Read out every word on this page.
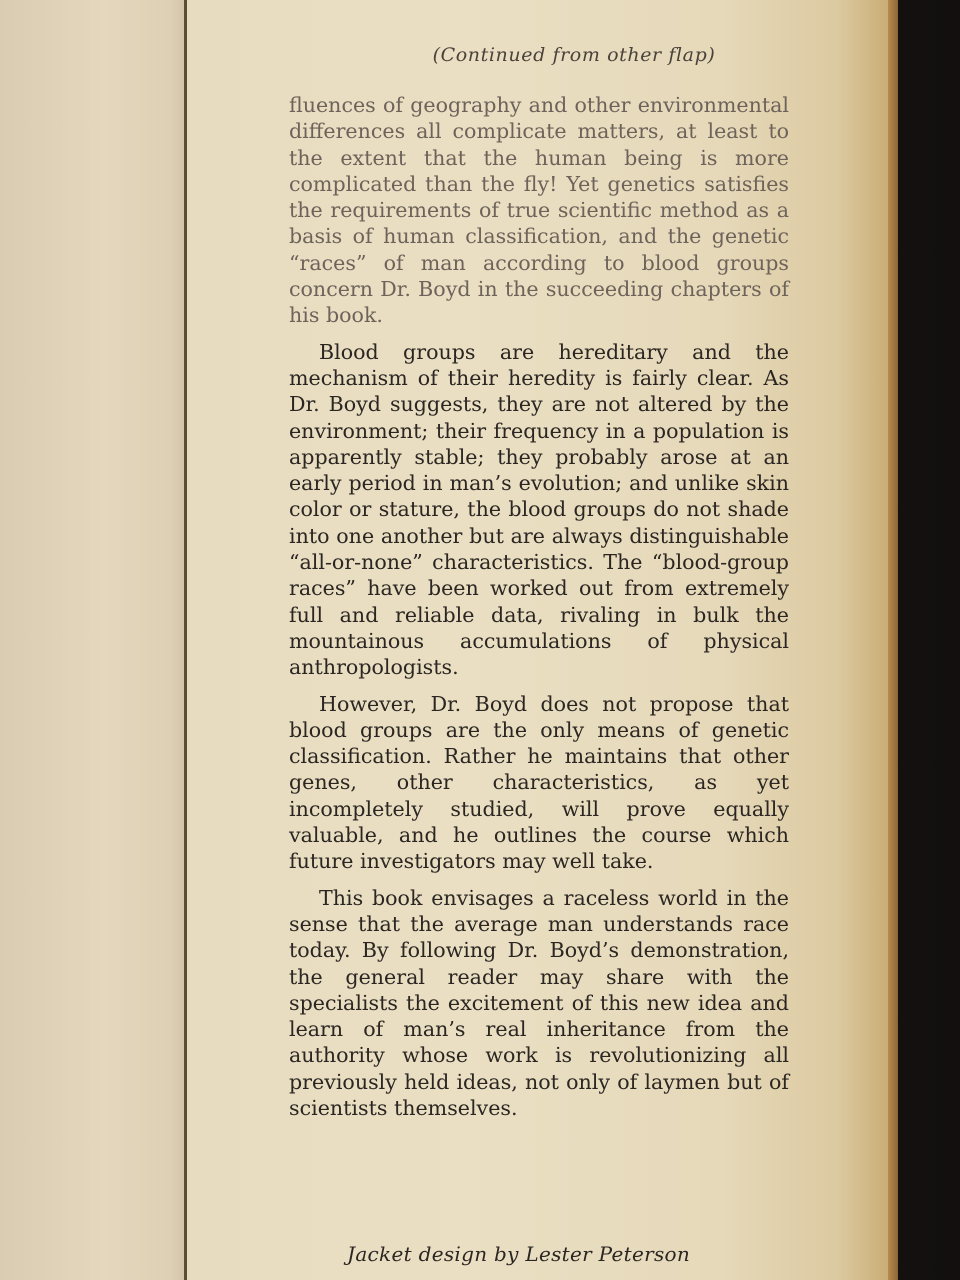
(Continued from other flap)

fluences of geography and other environmental differences all complicate matters, at least to the extent that the human being is more complicated than the fly! Yet genetics satisfies the requirements of true scientific method as a basis of human classification, and the genetic “races” of man according to blood groups concern Dr. Boyd in the succeeding chapters of his book.

Blood groups are hereditary and the mechanism of their heredity is fairly clear. As Dr. Boyd suggests, they are not altered by the environment; their frequency in a population is apparently stable; they probably arose at an early period in man’s evolution; and unlike skin color or stature, the blood groups do not shade into one another but are always distinguishable “all-or-none” characteristics. The “blood-group races” have been worked out from extremely full and reliable data, rivaling in bulk the mountainous accumulations of physical anthropologists.

However, Dr. Boyd does not propose that blood groups are the only means of genetic classification. Rather he maintains that other genes, other characteristics, as yet incompletely studied, will prove equally valuable, and he outlines the course which future investigators may well take.

This book envisages a raceless world in the sense that the average man understands race today. By following Dr. Boyd’s demonstration, the general reader may share with the specialists the excitement of this new idea and learn of man’s real inheritance from the authority whose work is revolutionizing all previously held ideas, not only of laymen but of scientists themselves.

Jacket design by Lester Peterson
